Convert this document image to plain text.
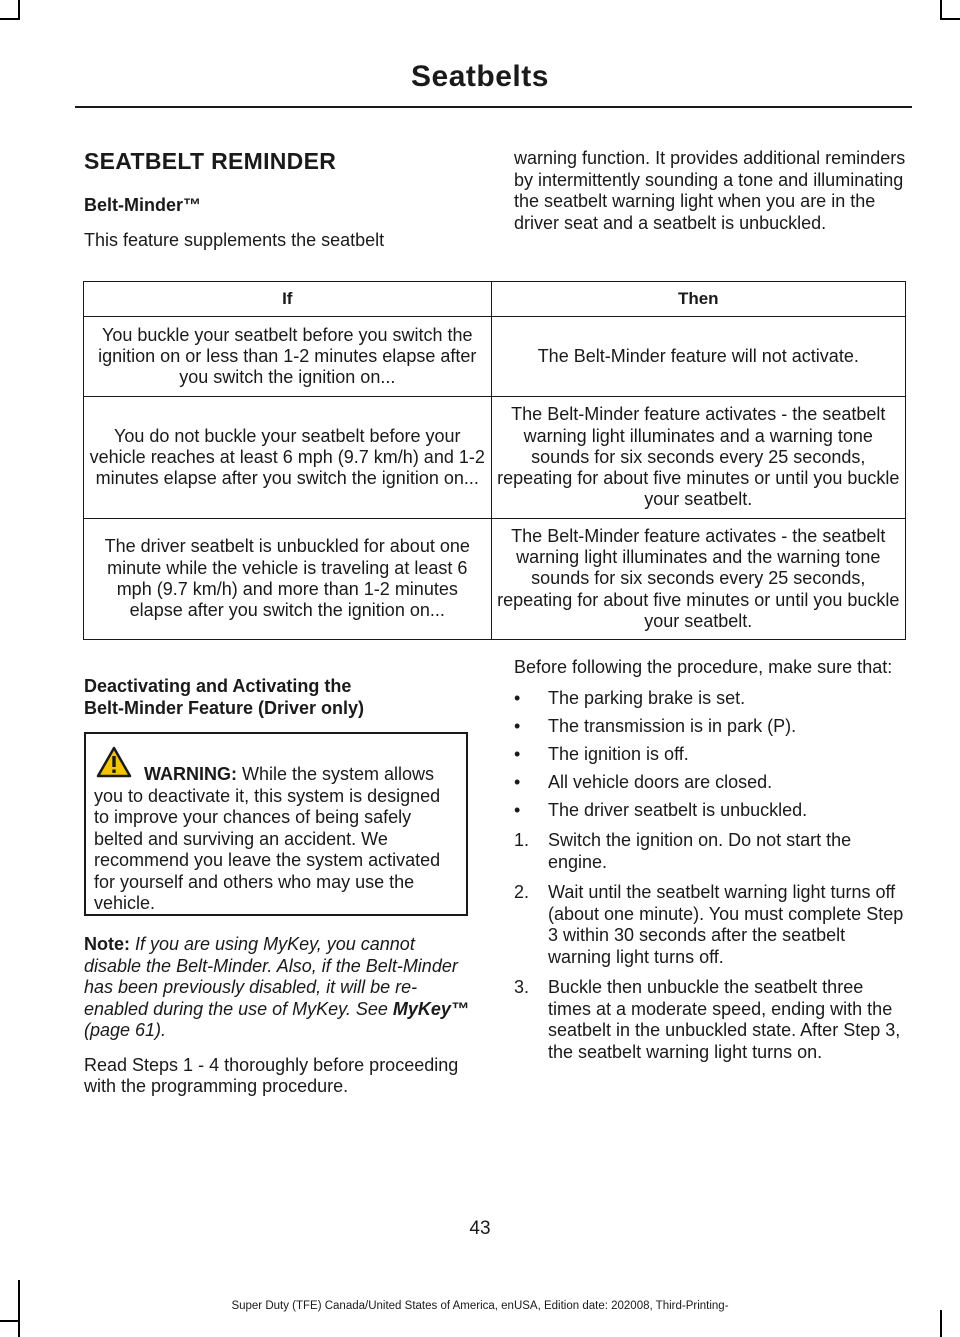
Seatbelts
SEATBELT REMINDER
Belt-Minder™

This feature supplements the seatbelt

warning function. It provides additional reminders by intermittently sounding a tone and illuminating the seatbelt warning light when you are in the driver seat and a seatbelt is unbuckled.

If	Then
You buckle your seatbelt before you switch the ignition on or less than 1-2 minutes elapse after you switch the ignition on...	The Belt-Minder feature will not activate.
You do not buckle your seatbelt before your vehicle reaches at least 6 mph (9.7 km/h) and 1-2 minutes elapse after you switch the ignition on...	The Belt-Minder feature activates - the seatbelt warning light illuminates and a warning tone sounds for six seconds every 25 seconds, repeating for about five minutes or until you buckle your seatbelt.
The driver seatbelt is unbuckled for about one minute while the vehicle is traveling at least 6 mph (9.7 km/h) and more than 1-2 minutes elapse after you switch the ignition on...	The Belt-Minder feature activates - the seatbelt warning light illuminates and the warning tone sounds for six seconds every 25 seconds, repeating for about five minutes or until you buckle your seatbelt.
Deactivating and Activating the
Belt-Minder Feature (Driver only)

WARNING: While the system allows you to deactivate it, this system is designed to improve your chances of being safely belted and surviving an accident. We recommend you leave the system activated for yourself and others who may use the vehicle.

Note: If you are using MyKey, you cannot disable the Belt-Minder. Also, if the Belt-Minder has been previously disabled, it will be re-enabled during the use of MyKey. See MyKey™ (page 61).

Read Steps 1 - 4 thoroughly before proceeding with the programming procedure.

Before following the procedure, make sure that:

• The parking brake is set.
• The transmission is in park (P).
• The ignition is off.
• All vehicle doors are closed.
• The driver seatbelt is unbuckled.
1. Switch the ignition on. Do not start the engine.
2. Wait until the seatbelt warning light turns off (about one minute). You must complete Step 3 within 30 seconds after the seatbelt warning light turns off.
3. Buckle then unbuckle the seatbelt three times at a moderate speed, ending with the seatbelt in the unbuckled state. After Step 3, the seatbelt warning light turns on.
43
Super Duty (TFE) Canada/United States of America, enUSA, Edition date: 202008, Third-Printing-
